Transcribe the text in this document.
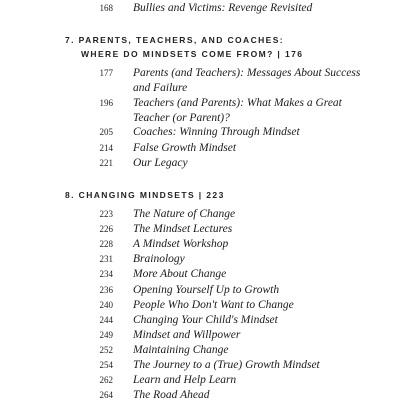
168 Bullies and Victims: Revenge Revisited
7. PARENTS, TEACHERS, AND COACHES:
WHERE DO MINDSETS COME FROM? | 176
177 Parents (and Teachers): Messages About Success and Failure
196 Teachers (and Parents): What Makes a Great Teacher (or Parent)?
205 Coaches: Winning Through Mindset
214 False Growth Mindset
221 Our Legacy
8. CHANGING MINDSETS | 223
223 The Nature of Change
226 The Mindset Lectures
228 A Mindset Workshop
231 Brainology
234 More About Change
236 Opening Yourself Up to Growth
240 People Who Don't Want to Change
244 Changing Your Child's Mindset
249 Mindset and Willpower
252 Maintaining Change
254 The Journey to a (True) Growth Mindset
262 Learn and Help Learn
264 The Road Ahead
